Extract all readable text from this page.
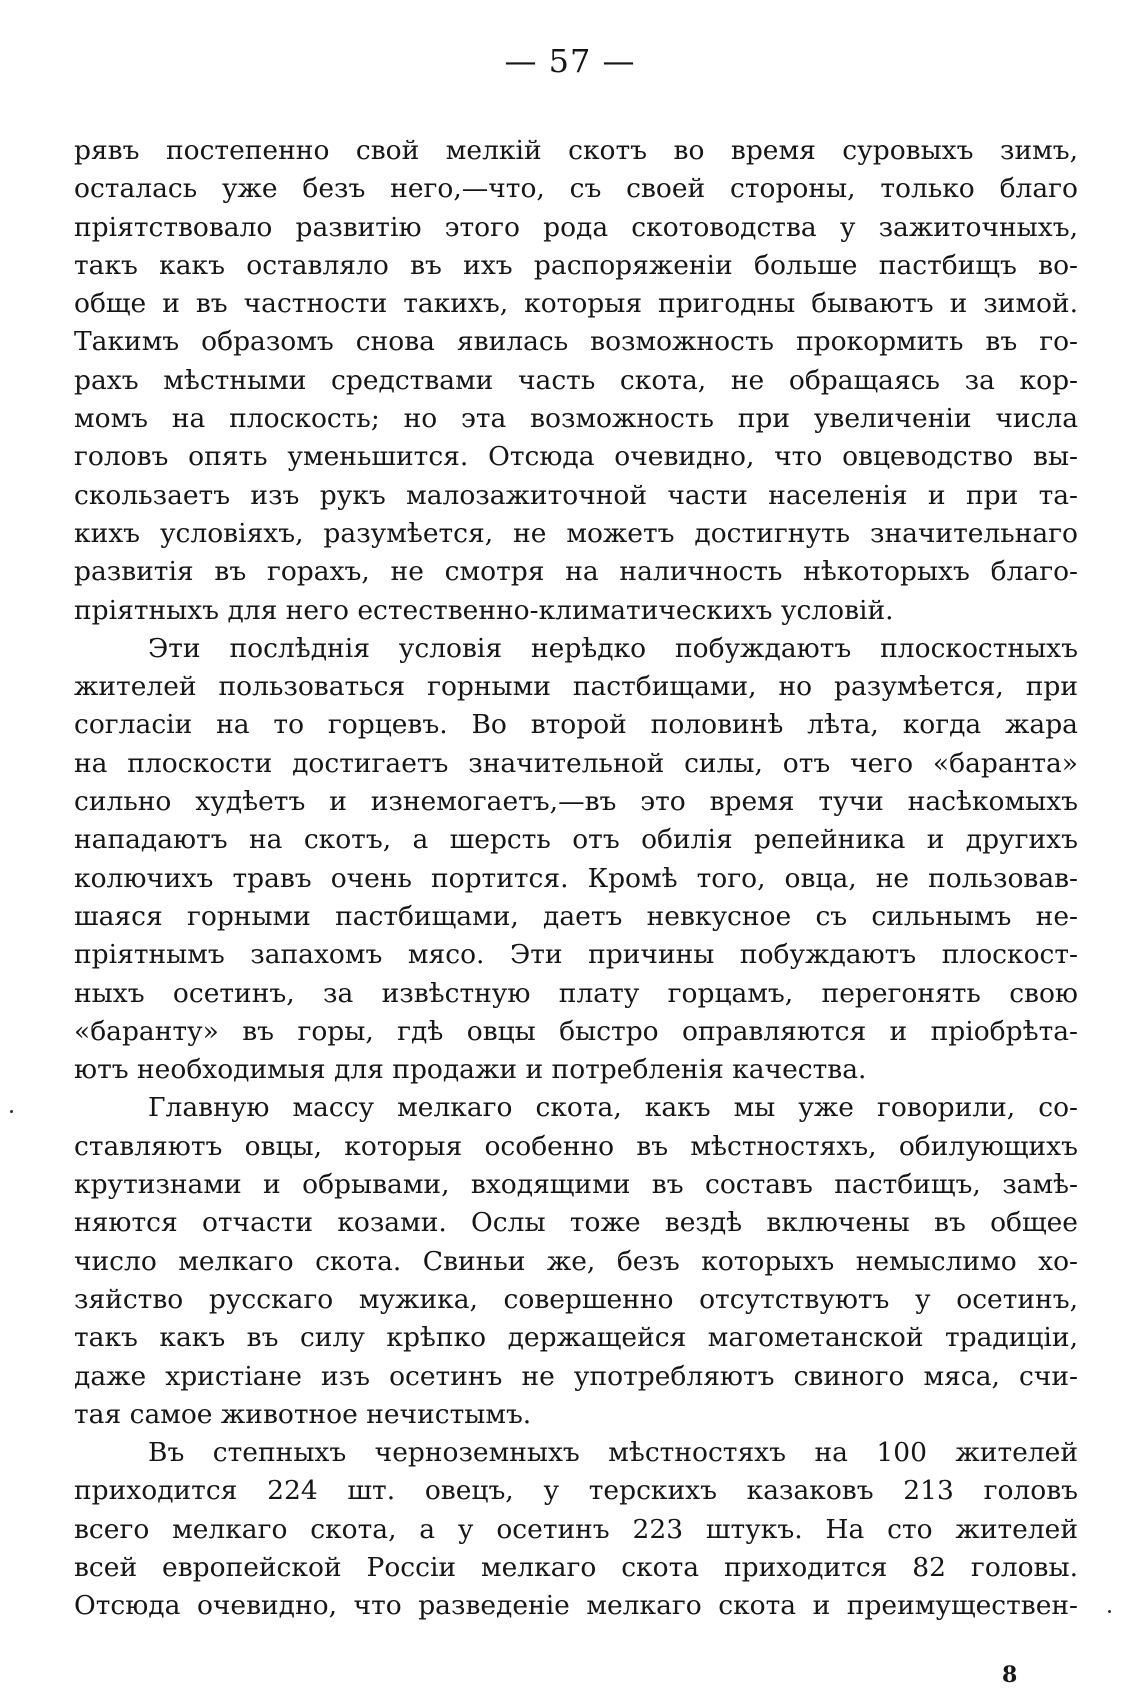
— 57 —
рявъ постепенно свой мелкій скотъ во время суровыхъ зимъ,
осталась уже безъ него,—что, съ своей стороны, только благо
пріятствовало развитію этого рода скотоводства у зажиточныхъ,
такъ какъ оставляло въ ихъ распоряженіи больше пастбищъ во-
обще и въ частности такихъ, которыя пригодны бываютъ и зимой.
Такимъ образомъ снова явилась возможность прокормить въ го-
рахъ мѣстными средствами часть скота, не обращаясь за кор-
момъ на плоскость; но эта возможность при увеличеніи числа
головъ опять уменьшится. Отсюда очевидно, что овцеводство вы-
скользаетъ изъ рукъ малозажиточной части населенія и при та-
кихъ условіяхъ, разумѣется, не можетъ достигнуть значительнаго
развитія въ горахъ, не смотря на наличность нѣкоторыхъ благо-
пріятныхъ для него естественно-климатическихъ условій.
Эти послѣднія условія нерѣдко побуждаютъ плоскостныхъ
жителей пользоваться горными пастбищами, но разумѣется, при
согласіи на то горцевъ. Во второй половинѣ лѣта, когда жара
на плоскости достигаетъ значительной силы, отъ чего «баранта»
сильно худѣетъ и изнемогаетъ,—въ это время тучи насѣкомыхъ
нападаютъ на скотъ, а шерсть отъ обилія репейника и другихъ
колючихъ травъ очень портится. Кромѣ того, овца, не пользовав-
шаяся горными пастбищами, даетъ невкусное съ сильнымъ не-
пріятнымъ запахомъ мясо. Эти причины побуждаютъ плоскост-
ныхъ осетинъ, за извѣстную плату горцамъ, перегонять свою
«баранту» въ горы, гдѣ овцы быстро оправляются и пріобрѣта-
ютъ необходимыя для продажи и потребленія качества.
Главную массу мелкаго скота, какъ мы уже говорили, со-
ставляютъ овцы, которыя особенно въ мѣстностяхъ, обилующихъ
крутизнами и обрывами, входящими въ составъ пастбищъ, замѣ-
няются отчасти козами. Ослы тоже вездѣ включены въ общее
число мелкаго скота. Свиньи же, безъ которыхъ немыслимо хо-
зяйство русскаго мужика, совершенно отсутствуютъ у осетинъ,
такъ какъ въ силу крѣпко держащейся магометанской традиціи,
даже христіане изъ осетинъ не употребляютъ свиного мяса, счи-
тая самое животное нечистымъ.
Въ степныхъ черноземныхъ мѣстностяхъ на 100 жителей
приходится 224 шт. овецъ, у терскихъ казаковъ 213 головъ
всего мелкаго скота, а у осетинъ 223 штукъ. На сто жителей
всей европейской Россіи мелкаго скота приходится 82 головы.
Отсюда очевидно, что разведеніе мелкаго скота и преимуществен-
8
